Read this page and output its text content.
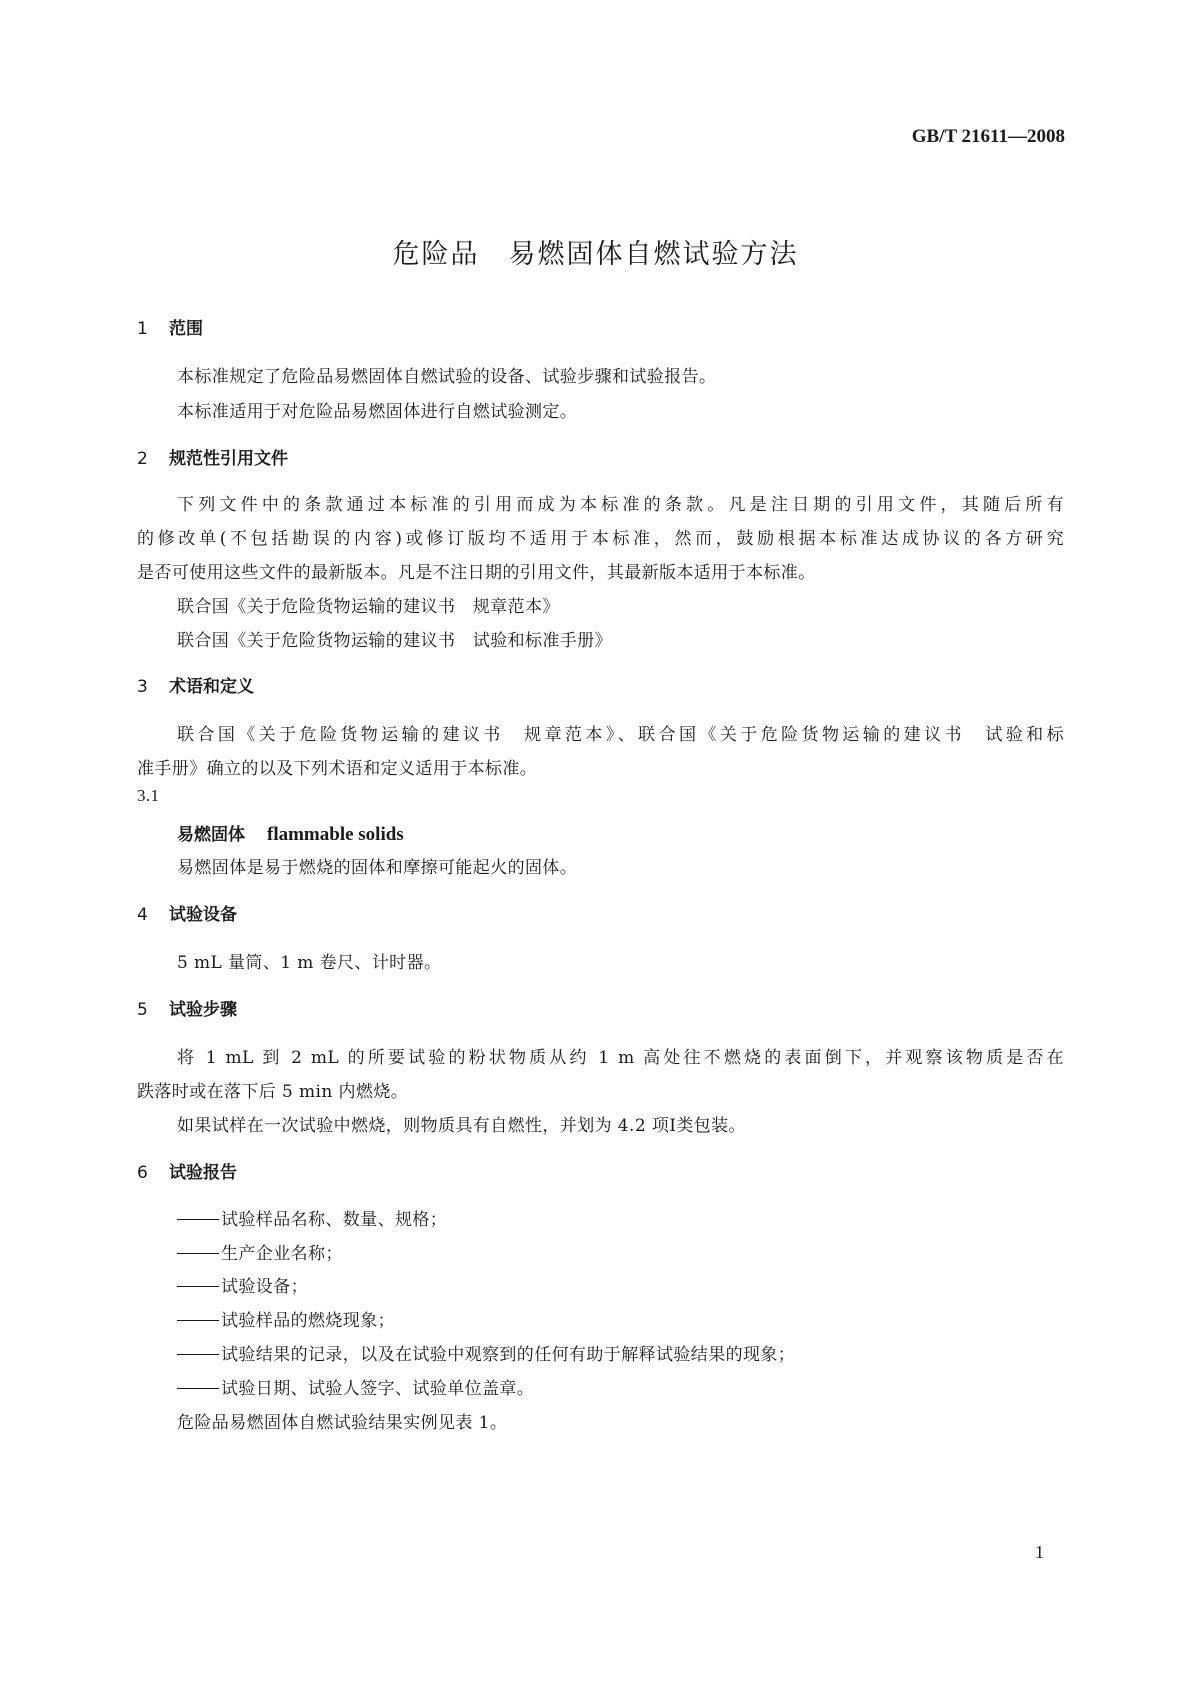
GB/T 21611—2008
危险品　易燃固体自燃试验方法
1 范围
本标准规定了危险品易燃固体自燃试验的设备、试验步骤和试验报告。
本标准适用于对危险品易燃固体进行自燃试验测定。
2 规范性引用文件
下列文件中的条款通过本标准的引用而成为本标准的条款。凡是注日期的引用文件，其随后所有
的修改单(不包括勘误的内容)或修订版均不适用于本标准，然而，鼓励根据本标准达成协议的各方研究
是否可使用这些文件的最新版本。凡是不注日期的引用文件，其最新版本适用于本标准。
联合国《关于危险货物运输的建议书　规章范本》
联合国《关于危险货物运输的建议书　试验和标准手册》
3 术语和定义
联合国《关于危险货物运输的建议书　规章范本》、联合国《关于危险货物运输的建议书　试验和标
准手册》确立的以及下列术语和定义适用于本标准。
3.1
易燃固体 flammable solids
易燃固体是易于燃烧的固体和摩擦可能起火的固体。
4 试验设备
5 mL 量筒、1 m 卷尺、计时器。
5 试验步骤
将 1 mL 到 2 mL 的所要试验的粉状物质从约 1 m 高处往不燃烧的表面倒下，并观察该物质是否在
跌落时或在落下后 5 min 内燃烧。
如果试样在一次试验中燃烧，则物质具有自燃性，并划为 4.2 项Ⅰ类包装。
6 试验报告
试验样品名称、数量、规格；
生产企业名称；
试验设备；
试验样品的燃烧现象；
试验结果的记录，以及在试验中观察到的任何有助于解释试验结果的现象；
试验日期、试验人签字、试验单位盖章。
危险品易燃固体自燃试验结果实例见表 1。
1
